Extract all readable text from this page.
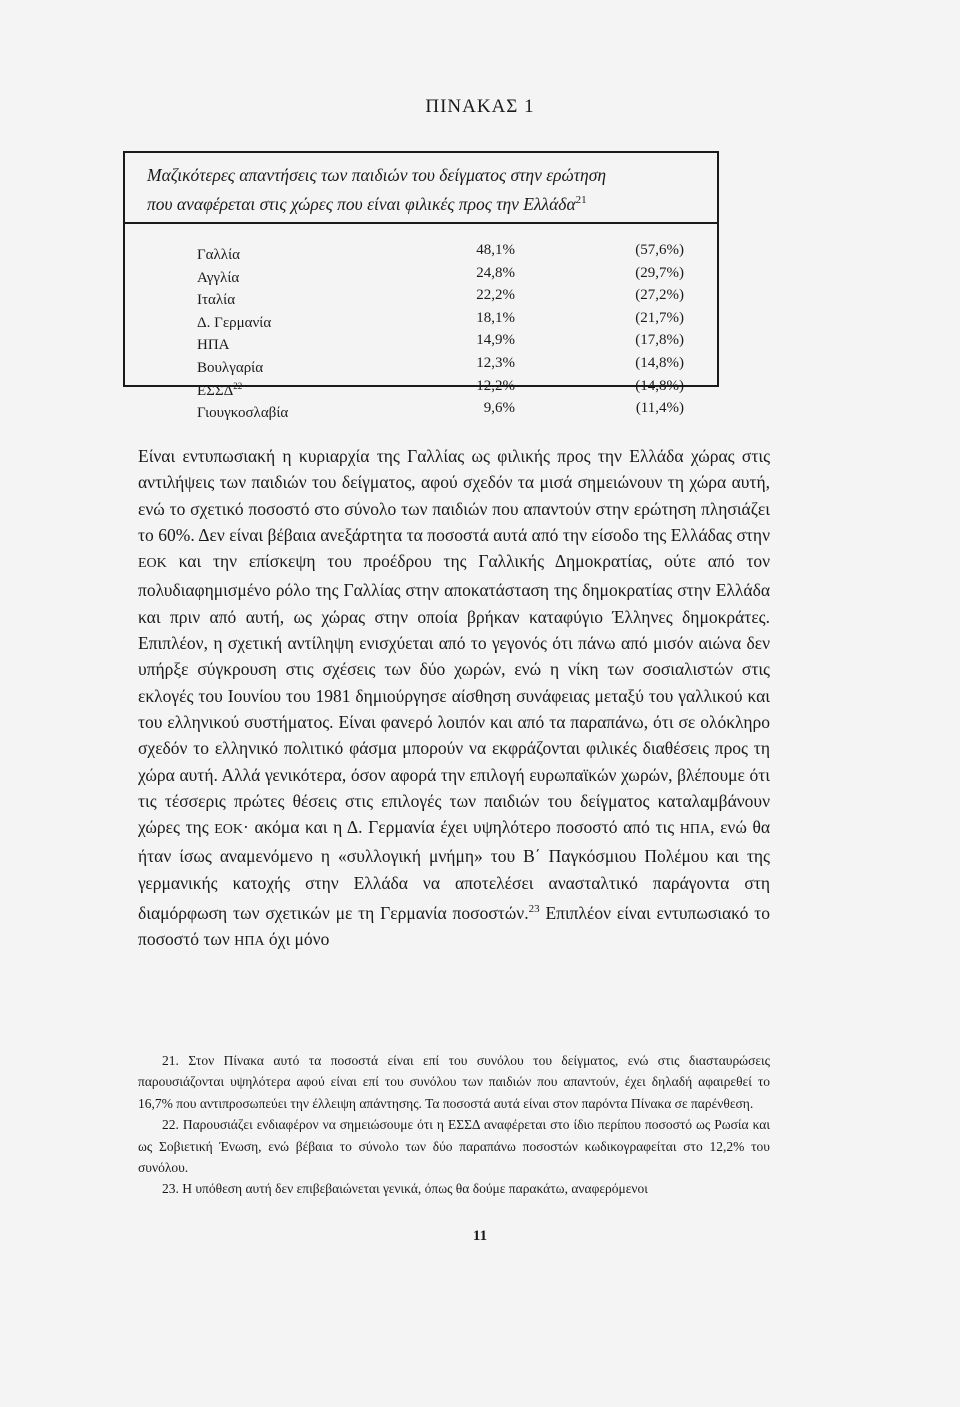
ΠΙΝΑΚΑΣ 1
Μαζικότερες απαντήσεις των παιδιών του δείγματος στην ερώτηση
που αναφέρεται στις χώρες που είναι φιλικές προς την Ελλάδα$^{21}$
Γαλλία	48,1%	(57,6%)
Αγγλία	24,8%	(29,7%)
Ιταλία	22,2%	(27,2%)
Δ. Γερμανία	18,1%	(21,7%)
ΗΠΑ	14,9%	(17,8%)
Βουλγαρία	12,3%	(14,8%)
ΕΣΣΔ$^{22}$	12,2%	(14,8%)
Γιουγκοσλαβία	9,6%	(11,4%)

Είναι εντυπωσιακή η κυριαρχία της Γαλλίας ως φιλικής προς την Ελλάδα χώρας στις αντιλήψεις των παιδιών του δείγματος, αφού σχεδόν τα μισά σημειώνουν τη χώρα αυτή, ενώ το σχετικό ποσοστό στο σύνολο των παιδιών που απαντούν στην ερώτηση πλησιάζει το 60%. Δεν είναι βέβαια ανεξάρτητα τα ποσοστά αυτά από την είσοδο της Ελλάδας στην ΕΟΚ και την επίσκεψη του προέδρου της Γαλλικής Δημοκρατίας, ούτε από τον πολυδιαφημισμένο ρόλο της Γαλλίας στην αποκατάσταση της δημοκρατίας στην Ελλάδα και πριν από αυτή, ως χώρας στην οποία βρήκαν καταφύγιο Έλληνες δημοκράτες. Επιπλέον, η σχετική αντίληψη ενισχύεται από το γεγονός ότι πάνω από μισόν αιώνα δεν υπήρξε σύγκρουση στις σχέσεις των δύο χωρών, ενώ η νίκη των σοσιαλιστών στις εκλογές του Ιουνίου του 1981 δημιούργησε αίσθηση συνάφειας μεταξύ του γαλλικού και του ελληνικού συστήματος. Είναι φανερό λοιπόν και από τα παραπάνω, ότι σε ολόκληρο σχεδόν το ελληνικό πολιτικό φάσμα μπορούν να εκφράζονται φιλικές διαθέσεις προς τη χώρα αυτή. Αλλά γενικότερα, όσον αφορά την επιλογή ευρωπαϊκών χωρών, βλέπουμε ότι τις τέσσερις πρώτες θέσεις στις επιλογές των παιδιών του δείγματος καταλαμβάνουν χώρες της ΕΟΚ· ακόμα και η Δ. Γερμανία έχει υψηλότερο ποσοστό από τις ΗΠΑ, ενώ θα ήταν ίσως αναμενόμενο η «συλλογική μνήμη» του Β΄ Παγκόσμιου Πολέμου και της γερμανικής κατοχής στην Ελλάδα να αποτελέσει ανασταλτικό παράγοντα στη διαμόρφωση των σχετικών με τη Γερμανία ποσοστών.$^{23}$ Επιπλέον είναι εντυπωσιακό το ποσοστό των ΗΠΑ όχι μόνο

21. Στον Πίνακα αυτό τα ποσοστά είναι επί του συνόλου του δείγματος, ενώ στις διασταυρώσεις παρουσιάζονται υψηλότερα αφού είναι επί του συνόλου των παιδιών που απαντούν, έχει δηλαδή αφαιρεθεί το 16,7% που αντιπροσωπεύει την έλλειψη απάντησης. Τα ποσοστά αυτά είναι στον παρόντα Πίνακα σε παρένθεση.

22. Παρουσιάζει ενδιαφέρον να σημειώσουμε ότι η ΕΣΣΔ αναφέρεται στο ίδιο περίπου ποσοστό ως Ρωσία και ως Σοβιετική Ένωση, ενώ βέβαια το σύνολο των δύο παραπάνω ποσοστών κωδικογραφείται στο 12,2% του συνόλου.

23. Η υπόθεση αυτή δεν επιβεβαιώνεται γενικά, όπως θα δούμε παρακάτω, αναφερόμενοι

11
